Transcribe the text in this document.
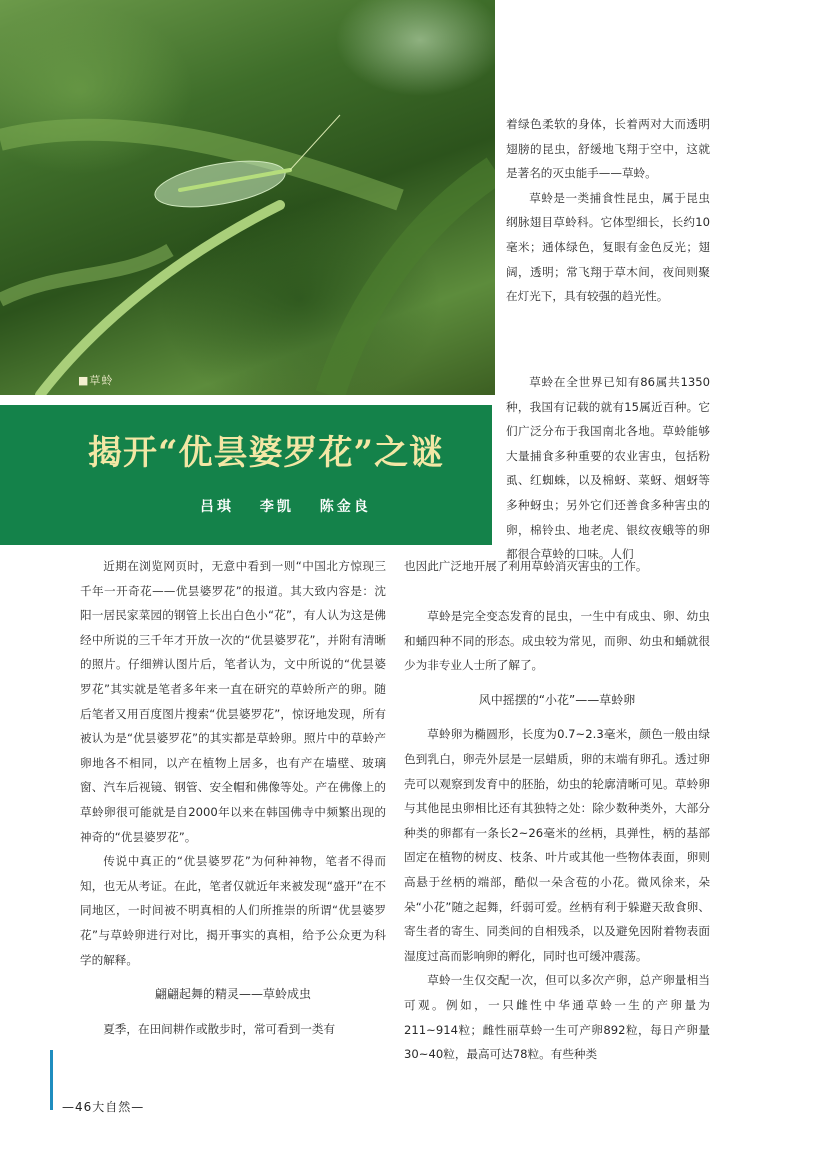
■草蛉

着绿色柔软的身体，长着两对大而透明翅膀的昆虫，舒缓地飞翔于空中，这就是著名的灭虫能手——草蛉。

草蛉是一类捕食性昆虫，属于昆虫纲脉翅目草蛉科。它体型细长，长约10毫米；通体绿色，复眼有金色反光；翅阔，透明；常飞翔于草木间，夜间则聚在灯光下，具有较强的趋光性。

揭开“优昙婆罗花”之谜
吕琪 李凯 陈金良

草蛉在全世界已知有86属共1350种，我国有记载的就有15属近百种。它们广泛分布于我国南北各地。草蛉能够大量捕食多种重要的农业害虫，包括粉虱、红蜘蛛，以及棉蚜、菜蚜、烟蚜等多种蚜虫；另外它们还善食多种害虫的卵，棉铃虫、地老虎、银纹夜蛾等的卵都很合草蛉的口味。人们

也因此广泛地开展了利用草蛉消灭害虫的工作。

近期在浏览网页时，无意中看到一则“中国北方惊现三千年一开奇花——优昙婆罗花”的报道。其大致内容是：沈阳一居民家菜园的钢管上长出白色小“花”，有人认为这是佛经中所说的三千年才开放一次的“优昙婆罗花”，并附有清晰的照片。仔细辨认图片后，笔者认为，文中所说的“优昙婆罗花”其实就是笔者多年来一直在研究的草蛉所产的卵。随后笔者又用百度图片搜索“优昙婆罗花”，惊讶地发现，所有被认为是“优昙婆罗花”的其实都是草蛉卵。照片中的草蛉产卵地各不相同，以产在植物上居多，也有产在墙壁、玻璃窗、汽车后视镜、钢管、安全帽和佛像等处。产在佛像上的草蛉卵很可能就是自2000年以来在韩国佛寺中频繁出现的神奇的“优昙婆罗花”。

传说中真正的“优昙婆罗花”为何种神物，笔者不得而知，也无从考证。在此，笔者仅就近年来被发现“盛开”在不同地区，一时间被不明真相的人们所推崇的所谓“优昙婆罗花”与草蛉卵进行对比，揭开事实的真相，给予公众更为科学的解释。

翩翩起舞的精灵——草蛉成虫

夏季，在田间耕作或散步时，常可看到一类有

草蛉是完全变态发育的昆虫，一生中有成虫、卵、幼虫和蛹四种不同的形态。成虫较为常见，而卵、幼虫和蛹就很少为非专业人士所了解了。

风中摇摆的“小花”——草蛉卵

草蛉卵为椭圆形，长度为0.7~2.3毫米，颜色一般由绿色到乳白，卵壳外层是一层蜡质，卵的末端有卵孔。透过卵壳可以观察到发育中的胚胎，幼虫的轮廓清晰可见。草蛉卵与其他昆虫卵相比还有其独特之处：除少数种类外，大部分种类的卵都有一条长2~26毫米的丝柄，具弹性，柄的基部固定在植物的树皮、枝条、叶片或其他一些物体表面，卵则高悬于丝柄的端部，酷似一朵含苞的小花。微风徐来，朵朵“小花”随之起舞，纤弱可爱。丝柄有利于躲避天敌食卵、寄生者的寄生、同类间的自相残杀，以及避免因附着物表面湿度过高而影响卵的孵化，同时也可缓冲震荡。

草蛉一生仅交配一次，但可以多次产卵，总产卵量相当可观。例如，一只雌性中华通草蛉一生的产卵量为211~914粒；雌性丽草蛉一生可产卵892粒，每日产卵量30~40粒，最高可达78粒。有些种类

—46大自然—
